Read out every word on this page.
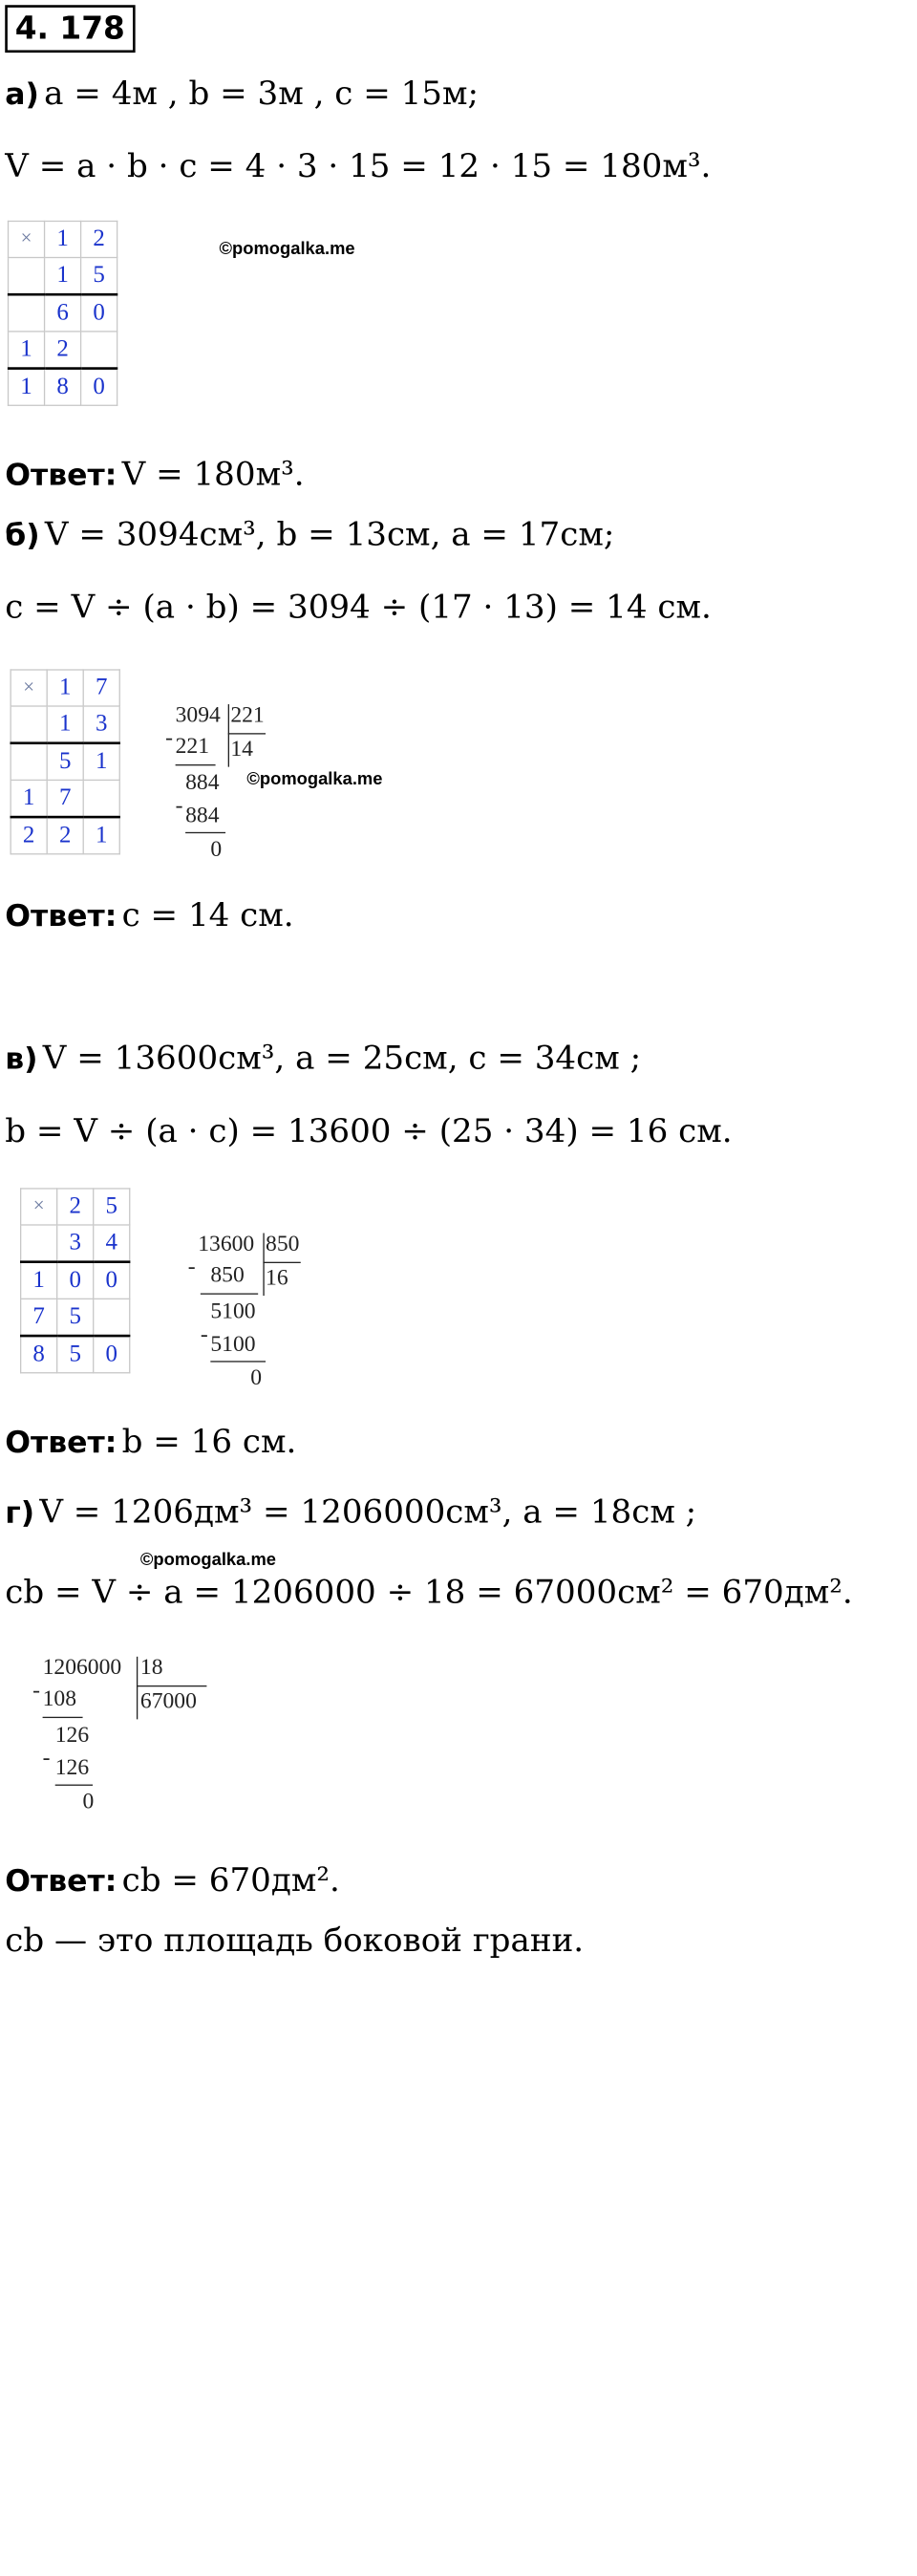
4. 178
а) a = 4м , b = 3м , c = 15м;
V = a · b · c = 4 · 3 · 15 = 12 · 15 = 180м³.
×	1	2
	1	5
	6	0
1	2	
1	8	0
©pomogalka.me
Ответ: V = 180м³.
б) V = 3094см³, b = 13см, a = 17см;
c = V ÷ (a · b) = 3094 ÷ (17 · 13) = 14 см.
×	1	7
	1	3
	5	1
1	7	
2	2	1
3094 221
- 221 14
884
- 884
0
©pomogalka.me
Ответ: c = 14 см.
в) V = 13600см³, a = 25см, c = 34см ;
b = V ÷ (a · c) = 13600 ÷ (25 · 34) = 16 см.
×	2	5
	3	4
1	0	0
7	5	
8	5	0
13600 850
- 850 16
5100
- 5100
0
Ответ: b = 16 см.
г) V = 1206дм³ = 1206000см³, a = 18см ;
©pomogalka.me
cb = V ÷ a = 1206000 ÷ 18 = 67000см² = 670дм².
1206000 18
- 108	67000
126
- 126
0
Ответ: cb = 670дм².
cb — это площадь боковой грани.
